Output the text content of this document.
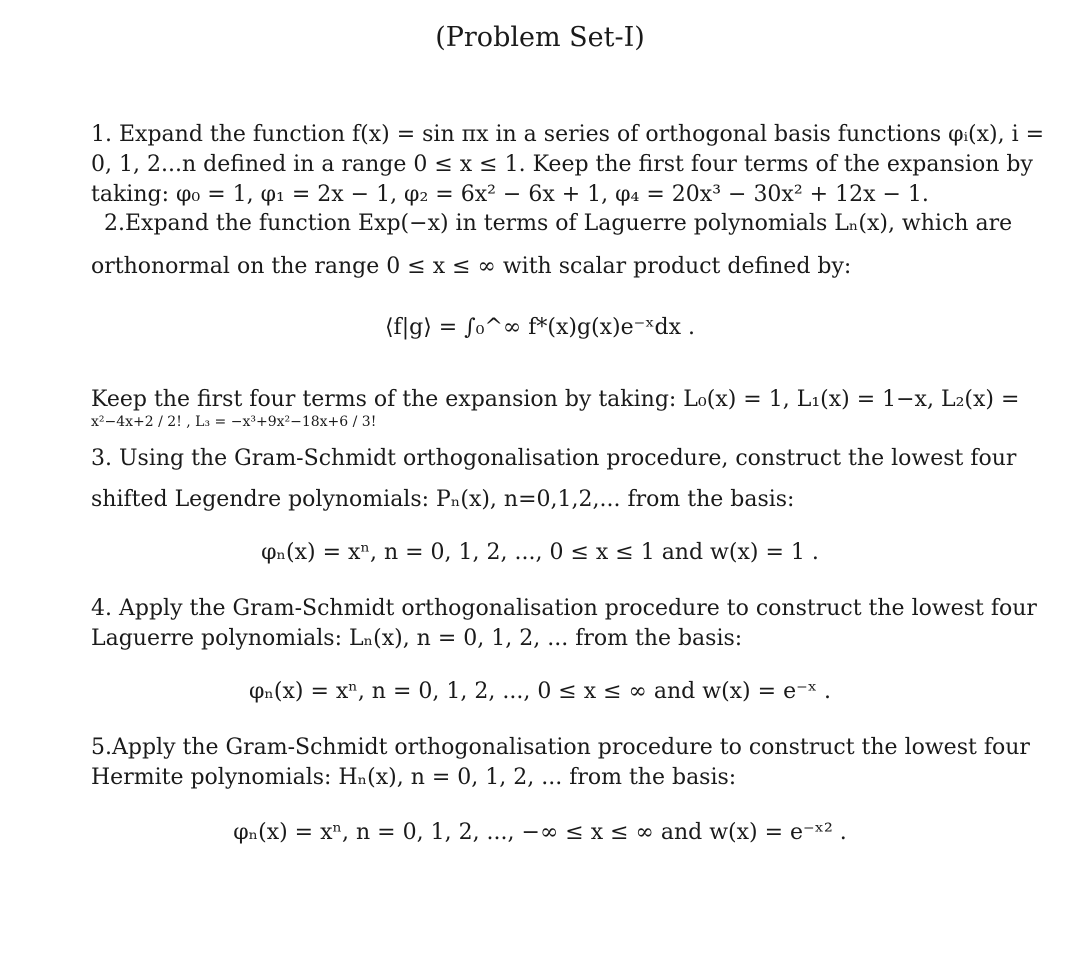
(Problem Set-I)
1. Expand the function f(x) = sin πx in a series of orthogonal basis functions φᵢ(x), i =
0, 1, 2...n defined in a range 0 ≤ x ≤ 1. Keep the first four terms of the expansion by
taking: φ₀ = 1, φ₁ = 2x − 1, φ₂ = 6x² − 6x + 1, φ₄ = 20x³ − 30x² + 12x − 1.
2.Expand the function Exp(−x) in terms of Laguerre polynomials Lₙ(x), which are
orthonormal on the range 0 ≤ x ≤ ∞ with scalar product defined by:
⟨f|g⟩ = ∫₀^∞ f*(x)g(x)e⁻ˣdx .
Keep the first four terms of the expansion by taking: L₀(x) = 1, L₁(x) = 1−x, L₂(x) =
x²−4x+2 / 2! , L₃ = −x³+9x²−18x+6 / 3!
3. Using the Gram-Schmidt orthogonalisation procedure, construct the lowest four
shifted Legendre polynomials: Pₙ(x), n=0,1,2,... from the basis:
φₙ(x) = xⁿ, n = 0, 1, 2, ..., 0 ≤ x ≤ 1 and w(x) = 1 .
4. Apply the Gram-Schmidt orthogonalisation procedure to construct the lowest four
Laguerre polynomials: Lₙ(x), n = 0, 1, 2, ... from the basis:
φₙ(x) = xⁿ, n = 0, 1, 2, ..., 0 ≤ x ≤ ∞ and w(x) = e⁻ˣ .
5.Apply the Gram-Schmidt orthogonalisation procedure to construct the lowest four
Hermite polynomials: Hₙ(x), n = 0, 1, 2, ... from the basis:
φₙ(x) = xⁿ, n = 0, 1, 2, ..., −∞ ≤ x ≤ ∞ and w(x) = e⁻ˣ² .
